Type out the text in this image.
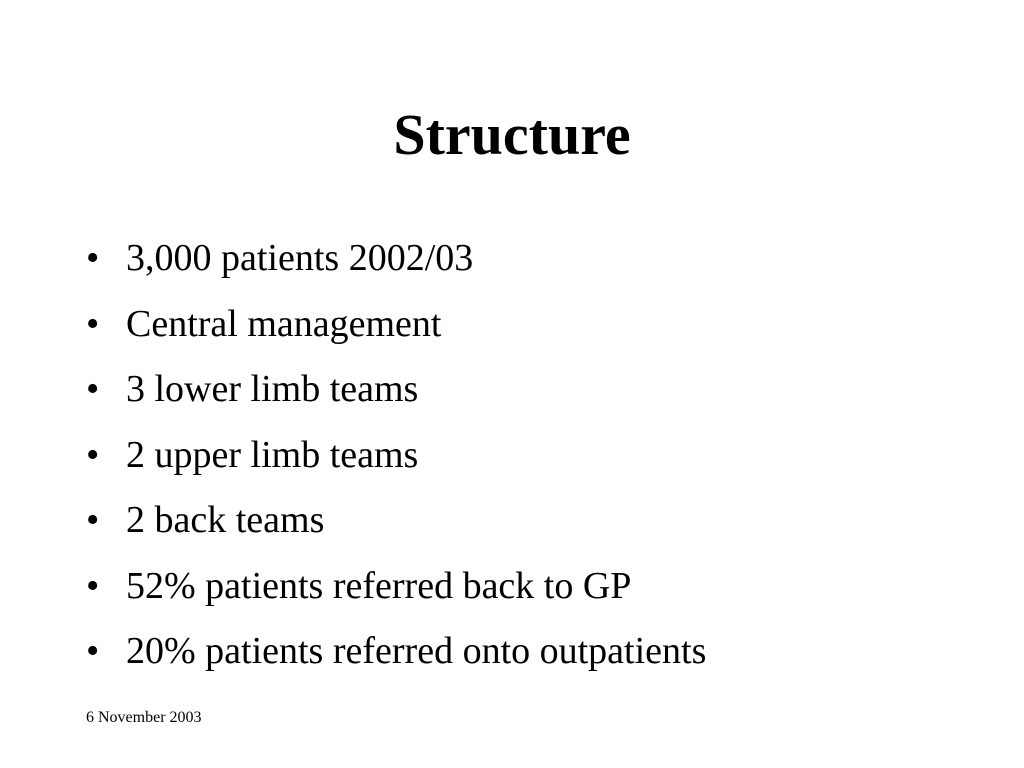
Structure
• 3,000 patients 2002/03
• Central management
• 3 lower limb teams
• 2 upper limb teams
• 2 back teams
• 52% patients referred back to GP
• 20% patients referred onto outpatients
6 November 2003
